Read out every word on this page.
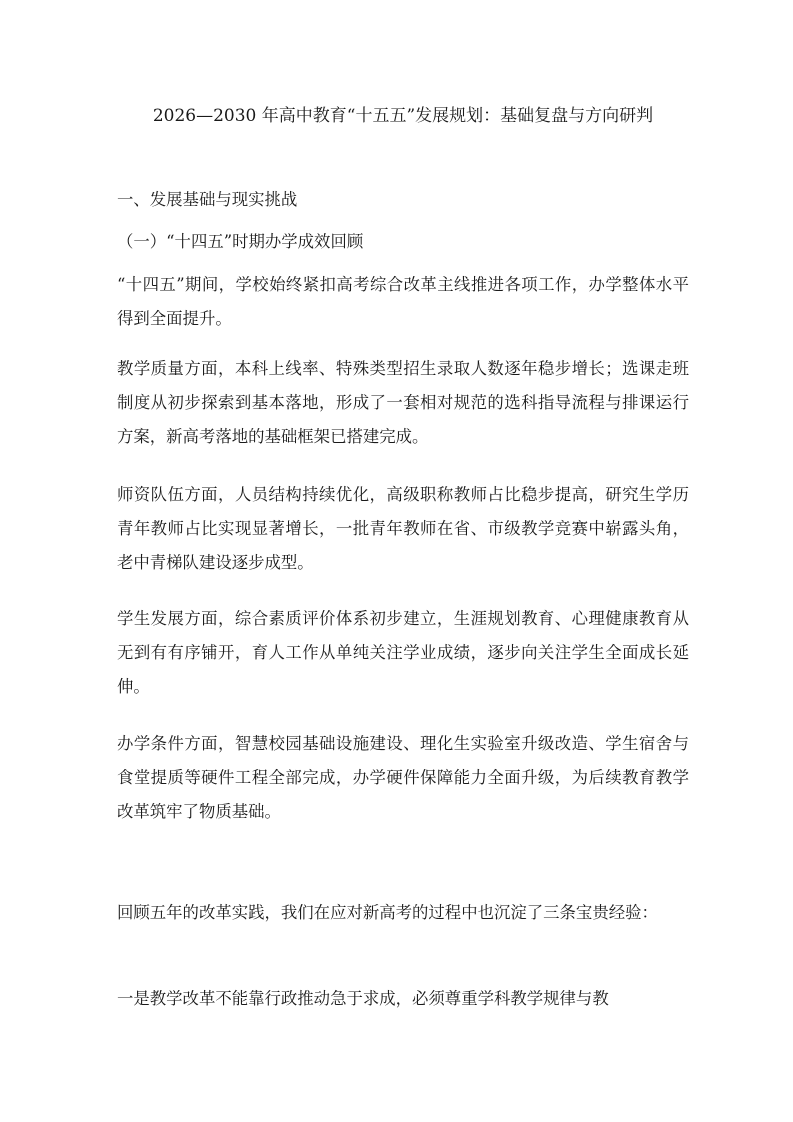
2026—2030 年高中教育“十五五”发展规划：基础复盘与方向研判

一、发展基础与现实挑战

（一）“十四五”时期办学成效回顾

“十四五”期间，学校始终紧扣高考综合改革主线推进各项工作，办学整体水平得到全面提升。

教学质量方面，本科上线率、特殊类型招生录取人数逐年稳步增长；选课走班制度从初步探索到基本落地，形成了一套相对规范的选科指导流程与排课运行方案，新高考落地的基础框架已搭建完成。

师资队伍方面，人员结构持续优化，高级职称教师占比稳步提高，研究生学历青年教师占比实现显著增长，一批青年教师在省、市级教学竞赛中崭露头角，老中青梯队建设逐步成型。

学生发展方面，综合素质评价体系初步建立，生涯规划教育、心理健康教育从无到有有序铺开，育人工作从单纯关注学业成绩，逐步向关注学生全面成长延伸。

办学条件方面，智慧校园基础设施建设、理化生实验室升级改造、学生宿舍与食堂提质等硬件工程全部完成，办学硬件保障能力全面升级，为后续教育教学改革筑牢了物质基础。

回顾五年的改革实践，我们在应对新高考的过程中也沉淀了三条宝贵经验：

一是教学改革不能靠行政推动急于求成，必须尊重学科教学规律与教
